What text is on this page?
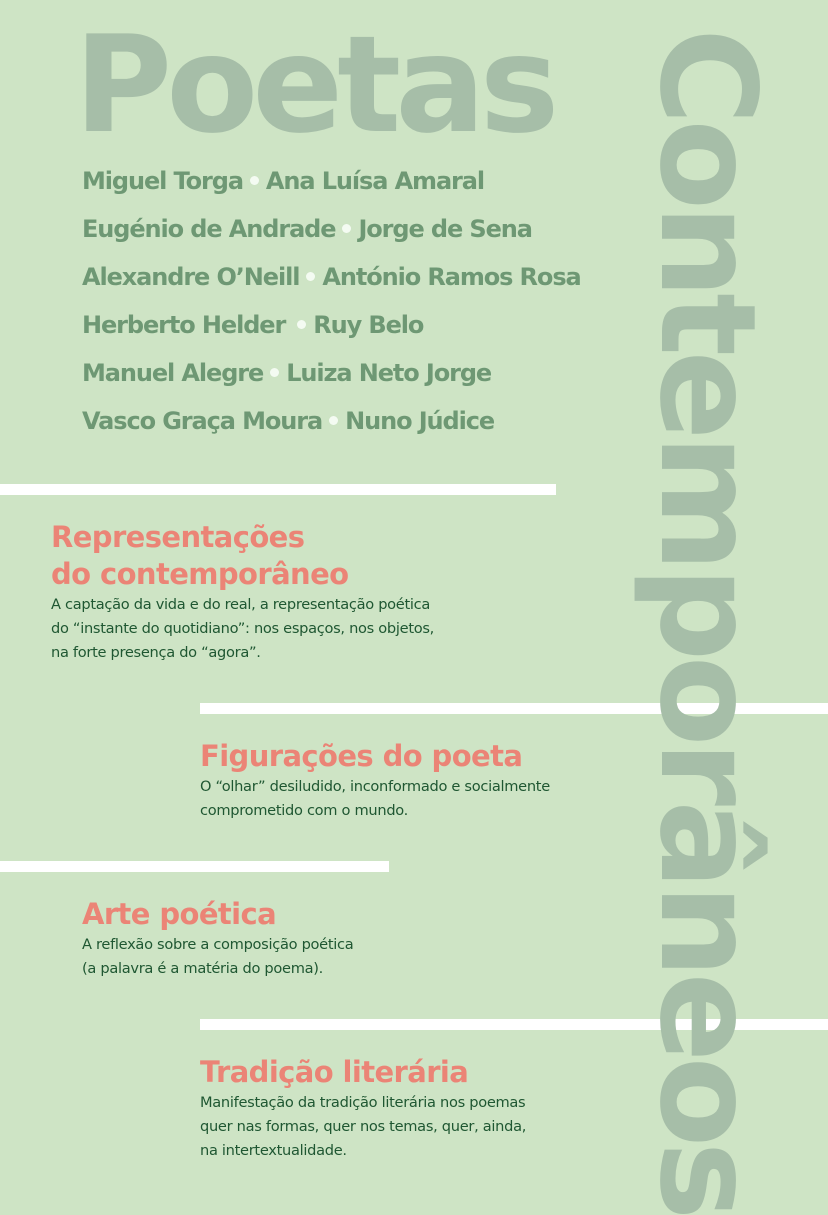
Poetas Contemporâneos
Miguel Torga Ana Luísa Amaral
Eugénio de Andrade Jorge de Sena
Alexandre O’Neill António Ramos Rosa
Herberto Helder Ruy Belo
Manuel Alegre Luiza Neto Jorge
Vasco Graça Moura Nuno Júdice
Representações
do contemporâneo

A captação da vida e do real, a representação poética
do “instante do quotidiano”: nos espaços, nos objetos,
na forte presença do “agora”.

Figurações do poeta

O “olhar” desiludido, inconformado e socialmente
comprometido com o mundo.

Arte poética

A reflexão sobre a composição poética
(a palavra é a matéria do poema).

Tradição literária

Manifestação da tradição literária nos poemas
quer nas formas, quer nos temas, quer, ainda,
na intertextualidade.
